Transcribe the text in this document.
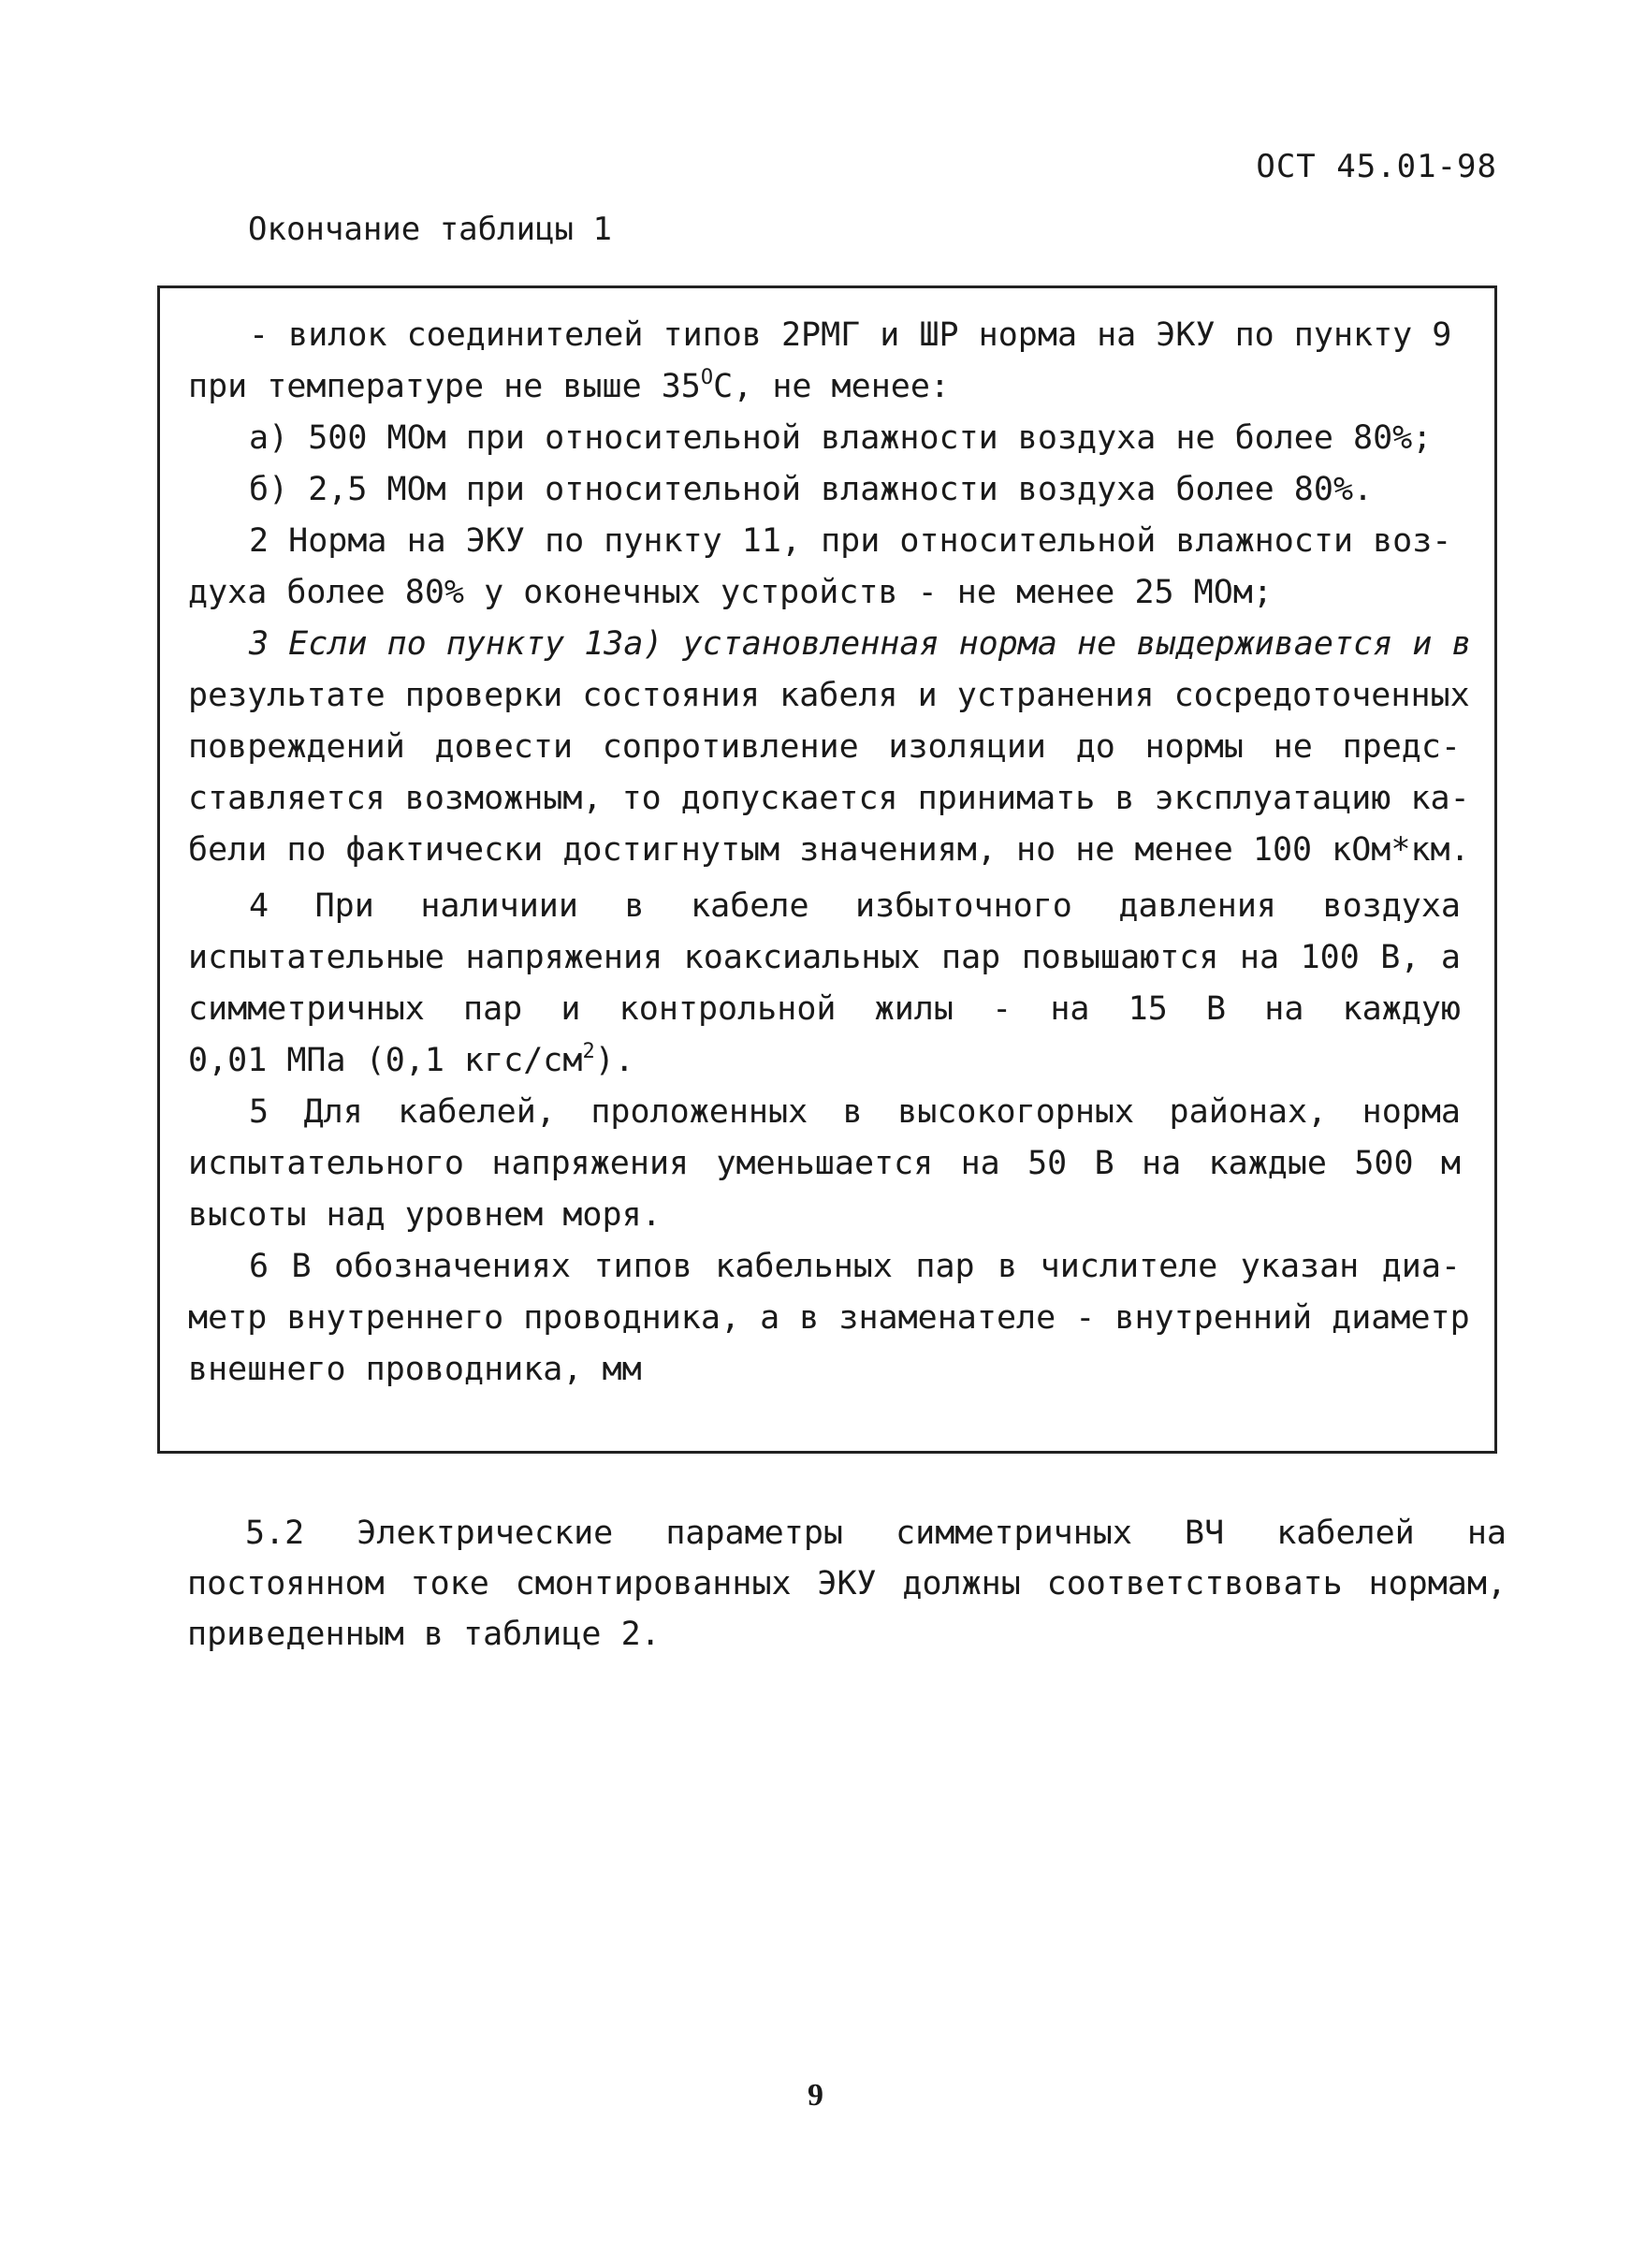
ОСТ 45.01-98
Окончание таблицы 1
- вилок соединителей типов 2РМГ и ШР норма на ЭКУ по пункту 9
при температуре не выше $35^ОС$, не менее:
а) 500 МОм при относительной влажности воздуха не более 80%;
б) 2,5 МОм при относительной влажности воздуха более 80%.
2 Норма на ЭКУ по пункту 11, при относительной влажности воз-
духа более 80% у оконечных устройств - не менее 25 МОм;
3 Если по пункту 13а) установленная норма не выдерживается и в
результате проверки состояния кабеля и устранения сосредоточенных
повреждений довести сопротивление изоляции до нормы не предс-
ставляется возможным, то допускается принимать в эксплуатацию ка-
бели по фактически достигнутым значениям, но не менее 100 кОм*км.
4 При наличиии в кабеле избыточного давления воздуха
испытательные напряжения коаксиальных пар повышаются на 100 В, а
симметричных пар и контрольной жилы - на 15 В на каждую
0,01 МПа (0,1 кгс/$см^2$).
5 Для кабелей, проложенных в высокогорных районах, норма
испытательного напряжения уменьшается на 50 В на каждые 500 м
высоты над уровнем моря.
6 В обозначениях типов кабельных пар в числителе указан диа-
метр внутреннего проводника, а в знаменателе - внутренний диаметр
внешнего проводника, мм
5.2 Электрические параметры симметричных ВЧ кабелей на
постоянном токе смонтированных ЭКУ должны соответствовать нормам,
приведенным в таблице 2.
9
